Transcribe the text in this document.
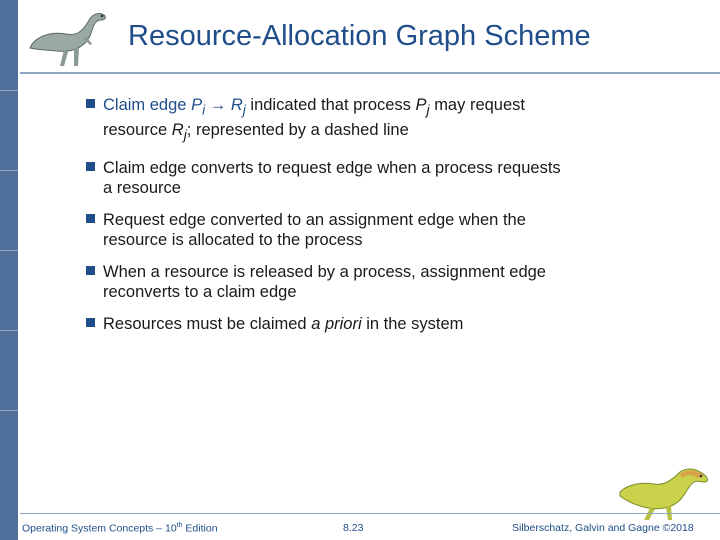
Resource-Allocation Graph Scheme
Claim edge $P_i \to R_j$ indicated that process $P_j$ may request
resource $R_j$; represented by a dashed line
Claim edge converts to request edge when a process requests
a resource
Request edge converted to an assignment edge when the
resource is allocated to the process
When a resource is released by a process, assignment edge
reconverts to a claim edge
Resources must be claimed a priori in the system
Operating System Concepts – 10th Edition	8.23	Silberschatz, Galvin and Gagne ©2018
